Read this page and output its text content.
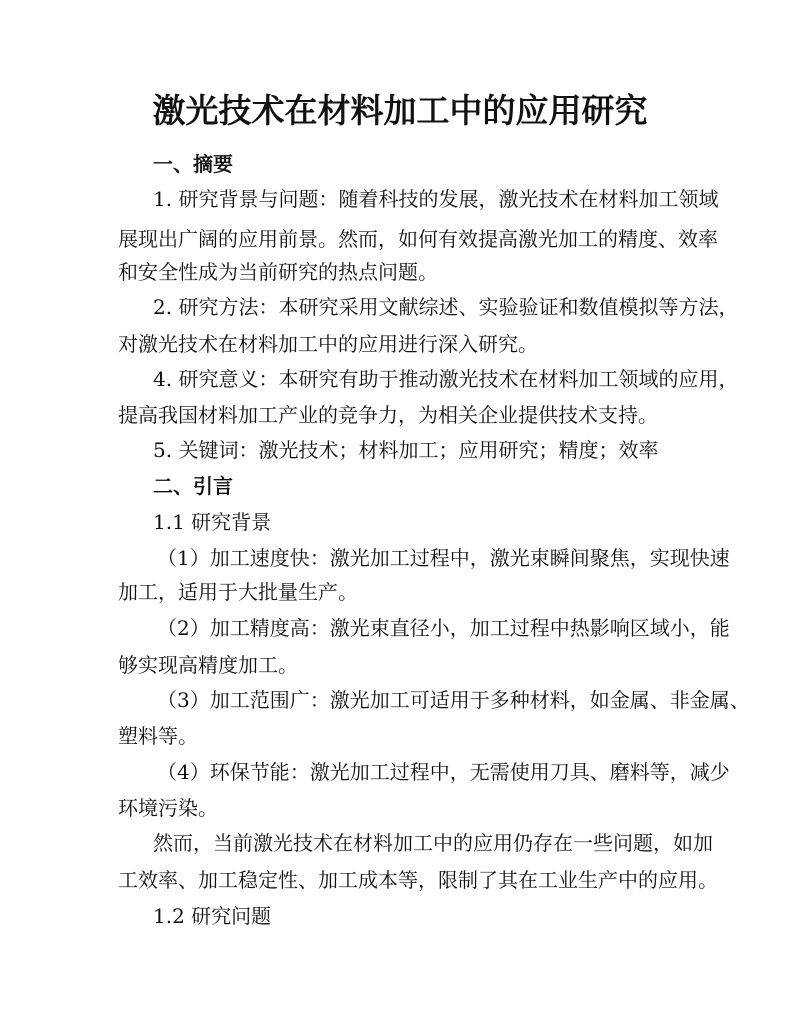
激光技术在材料加工中的应用研究
一、摘要
1. 研究背景与问题：随着科技的发展，激光技术在材料加工领域
展现出广阔的应用前景。然而，如何有效提高激光加工的精度、效率
和安全性成为当前研究的热点问题。
2. 研究方法：本研究采用文献综述、实验验证和数值模拟等方法，
对激光技术在材料加工中的应用进行深入研究。
4. 研究意义：本研究有助于推动激光技术在材料加工领域的应用，
提高我国材料加工产业的竞争力，为相关企业提供技术支持。
5. 关键词：激光技术；材料加工；应用研究；精度；效率
二、引言
1.1 研究背景
（1）加工速度快：激光加工过程中，激光束瞬间聚焦，实现快速
加工，适用于大批量生产。
（2）加工精度高：激光束直径小，加工过程中热影响区域小，能
够实现高精度加工。
（3）加工范围广：激光加工可适用于多种材料，如金属、非金属、
塑料等。
（4）环保节能：激光加工过程中，无需使用刀具、磨料等，减少
环境污染。
然而，当前激光技术在材料加工中的应用仍存在一些问题，如加
工效率、加工稳定性、加工成本等，限制了其在工业生产中的应用。
1.2 研究问题
